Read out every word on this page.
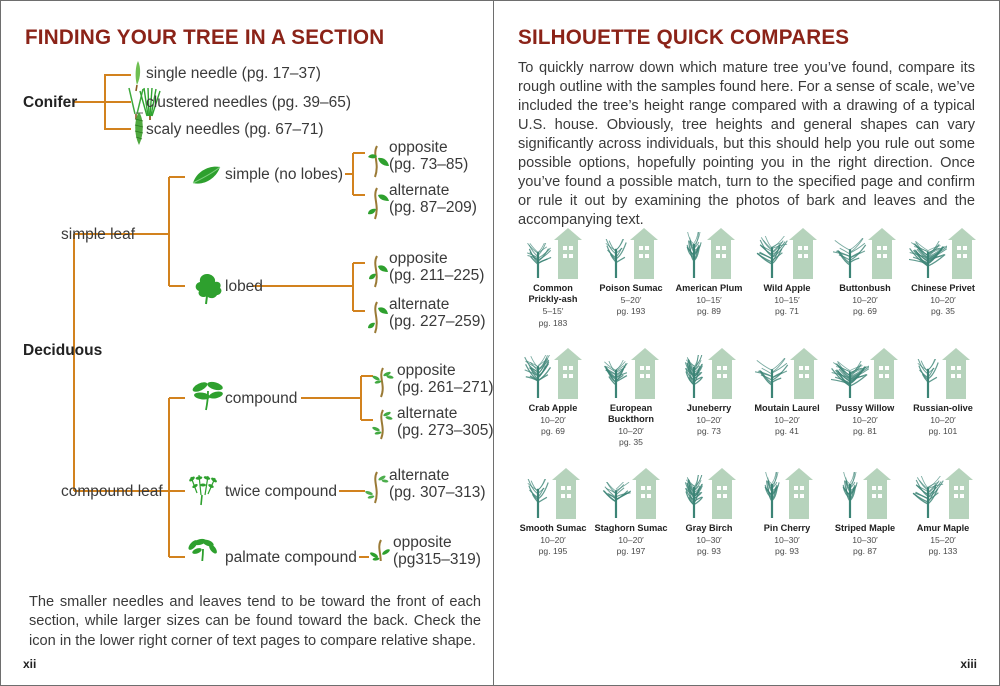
FINDING YOUR TREE IN A SECTION
Conifer
Deciduous
single needle (pg. 17–37)
clustered needles (pg. 39–65)
scaly needles (pg. 67–71)
simple leaf
compound leaf
simple (no lobes)
lobed
compound
twice compound
palmate compound
opposite
(pg. 73–85)
alternate
(pg. 87–209)
opposite
(pg. 211–225)
alternate
(pg. 227–259)
opposite
(pg. 261–271)
alternate
(pg. 273–305)
alternate
(pg. 307–313)
opposite
(pg315–319)
The smaller needles and leaves tend to be toward the front of each section, while larger sizes can be found toward the back. Check the icon in the lower right corner of text pages to compare relative shape.
xii
SILHOUETTE QUICK COMPARES
To quickly narrow down which mature tree you’ve found, compare its rough outline with the samples found here. For a sense of scale, we’ve included the tree’s height range compared with a drawing of a typical U.S. house. Obviously, tree heights and general shapes can vary significantly across individuals, but this should help you rule out some possible options, hopefully pointing you in the right direction. Once you’ve found a possible match, turn to the specified page and confirm or rule it out by examining the photos of bark and leaves and the accompanying text.
Common Prickly-ash
5–15′
pg. 183
Poison Sumac
5–20′
pg. 193
American Plum
10–15′
pg. 89
Wild Apple
10–15′
pg. 71
Buttonbush
10–20′
pg. 69
Chinese Privet
10–20′
pg. 35
Crab Apple
10–20′
pg. 69
European Buckthorn
10–20′
pg. 35
Juneberry
10–20′
pg. 73
Moutain Laurel
10–20′
pg. 41
Pussy Willow
10–20′
pg. 81
Russian-olive
10–20′
pg. 101
Smooth Sumac
10–20′
pg. 195
Staghorn Sumac
10–20′
pg. 197
Gray Birch
10–30′
pg. 93
Pin Cherry
10–30′
pg. 93
Striped Maple
10–30′
pg. 87
Amur Maple
15–20′
pg. 133
xiii
